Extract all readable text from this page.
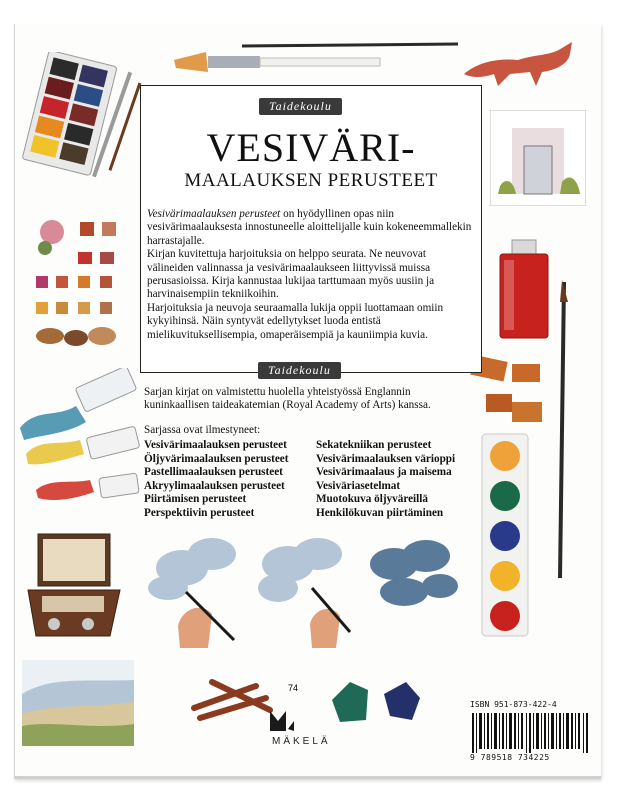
Taidekoulu
VESIVÄRI-
MAALAUKSEN PERUSTEET

Vesivärimaalauksen perusteet on hyödyllinen opas niin vesivärimaalauksesta innostuneelle aloittelijalle kuin kokeneemmallekin harrastajalle.

Kirjan kuvitettuja harjoituksia on helppo seurata. Ne neuvovat välineiden valinnassa ja vesivärimaalaukseen liittyvissä muissa perusasioissa. Kirja kannustaa lukijaa tarttumaan myös uusiin ja harvinaisempiin tekniikoihin.

Harjoituksia ja neuvoja seuraamalla lukija oppii luottamaan omiin kykyihinsä. Näin syntyvät edellytykset luoda entistä mielikuvituksellisempia, omaperäisempiä ja kauniimpia kuvia.

Taidekoulu

Sarjan kirjat on valmistettu huolella yhteistyössä Englannin kuninkaallisen taideakatemian (Royal Academy of Arts) kanssa.

Sarjassa ovat ilmestyneet:
Vesivärimaalauksen perusteet
Öljyvärimaalauksen perusteet
Pastellimaalauksen perusteet
Akryylimaalauksen perusteet
Piirtämisen perusteet
Perspektiivin perusteet
Sekatekniikan perusteet
Vesivärimaalauksen värioppi
Vesivärimaalaus ja maisema
Vesiväriasetelmat
Muotokuva öljyväreillä
Henkilökuvan piirtäminen
74
MÄKELÄ
ISBN 951-873-422-4
9 789518 734225
